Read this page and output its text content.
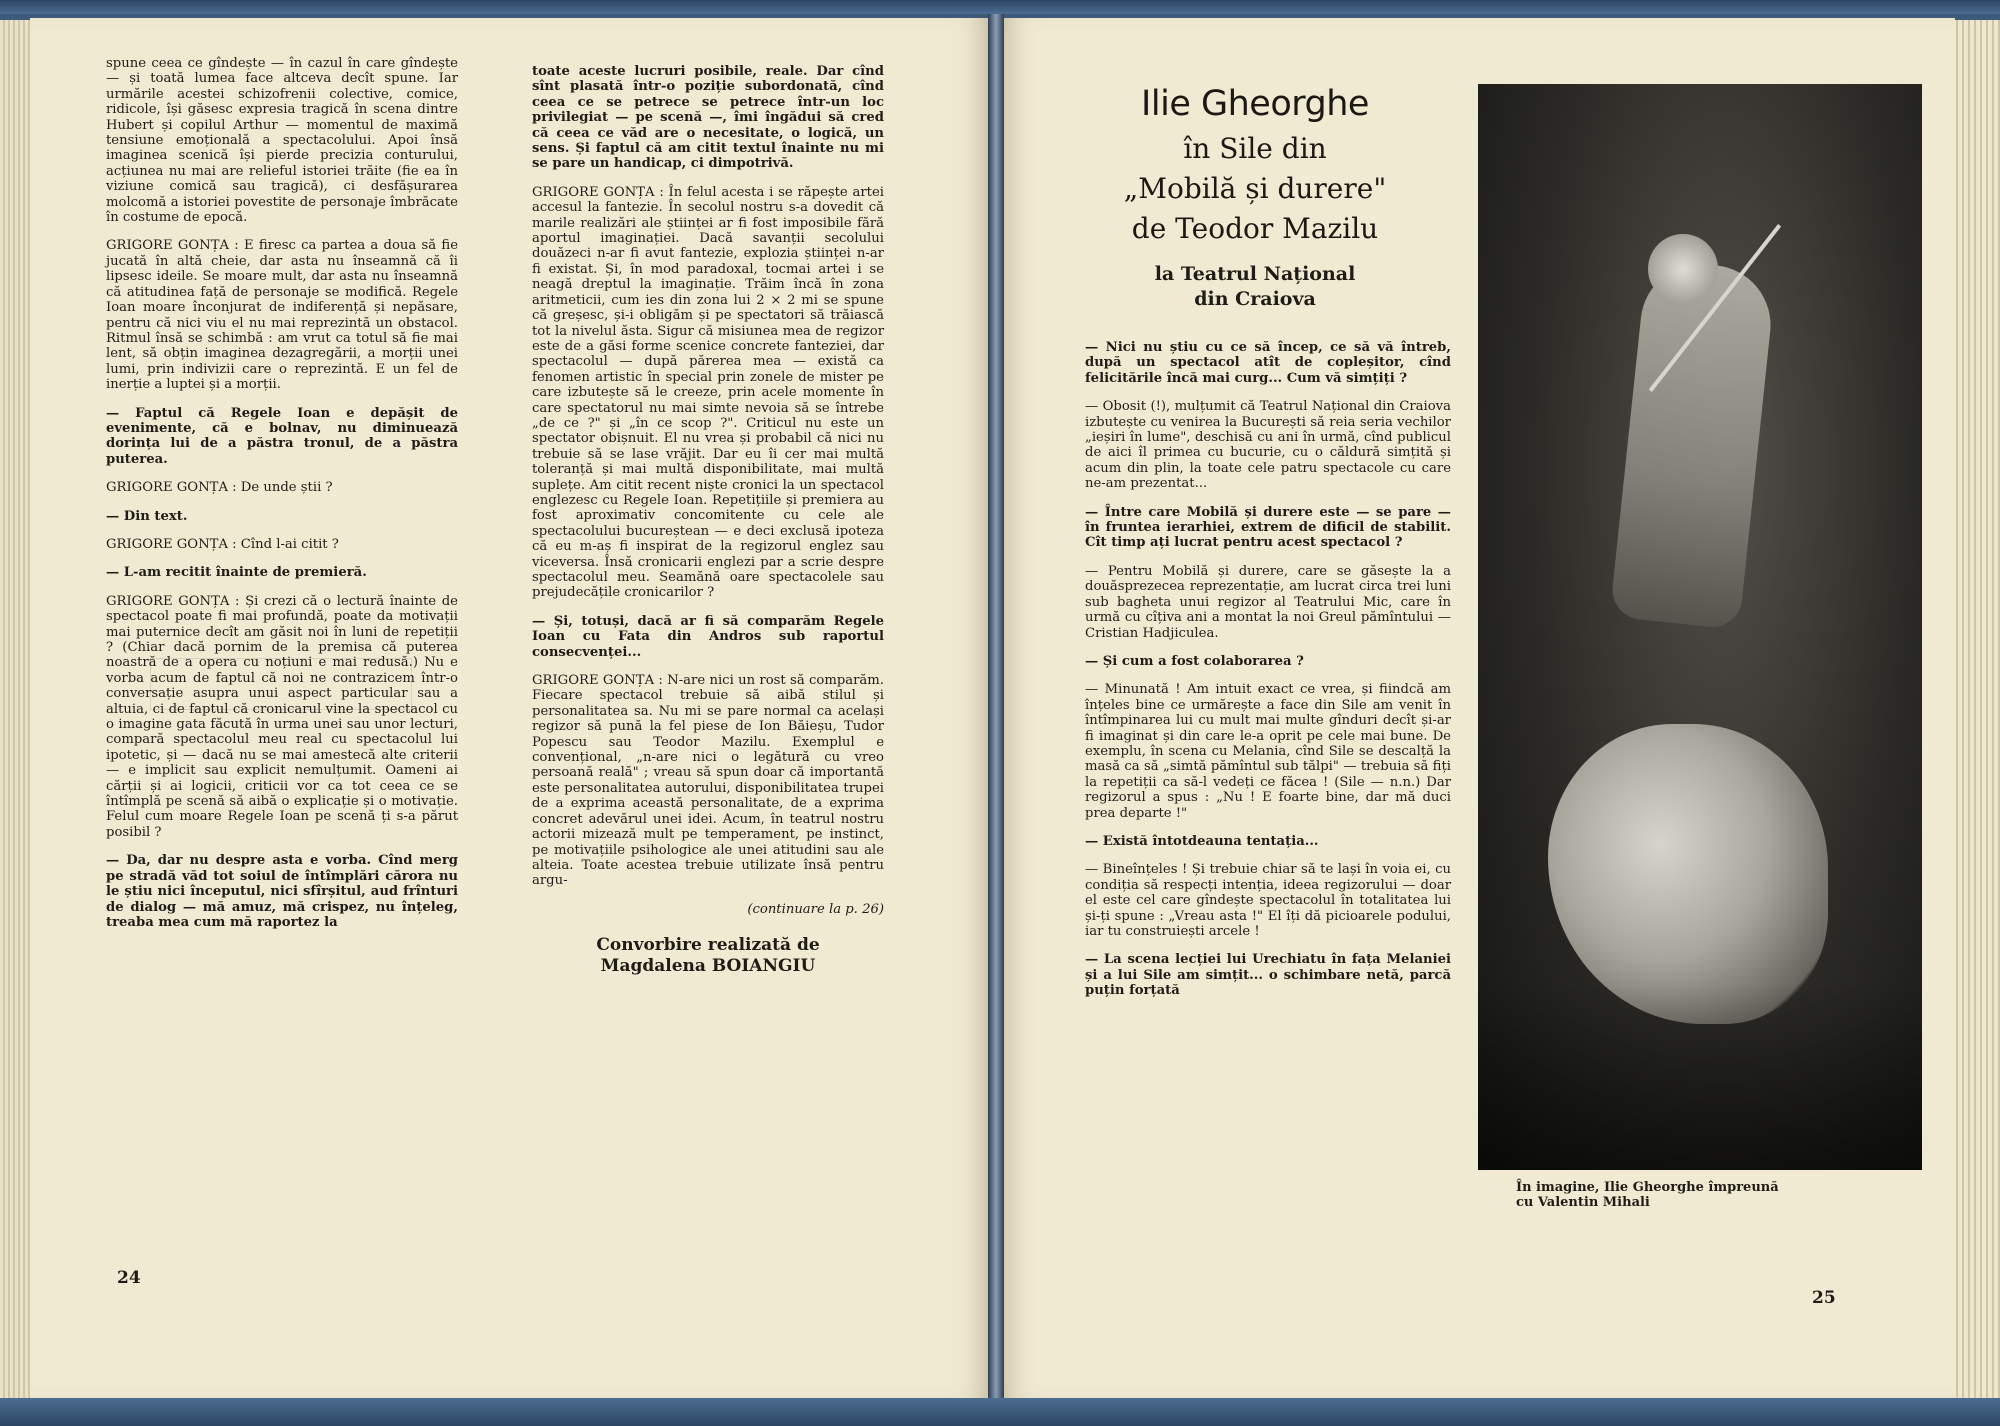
spune ceea ce gîndește — în cazul în care gîndește — și toată lumea face altceva decît spune. Iar urmările acestei schizofrenii colective, comice, ridicole, își găsesc expresia tragică în scena dintre Hubert și copilul Arthur — momentul de maximă tensiune emoțională a spectacolului. Apoi însă imaginea scenică își pierde precizia conturului, acțiunea nu mai are relieful istoriei trăite (fie ea în viziune comică sau tragică), ci desfășurarea molcomă a istoriei povestite de personaje îmbrăcate în costume de epocă.

GRIGORE GONȚA : E firesc ca partea a doua să fie jucată în altă cheie, dar asta nu înseamnă că îi lipsesc ideile. Se moare mult, dar asta nu înseamnă că atitudinea față de personaje se modifică. Regele Ioan moare înconjurat de indiferență și nepăsare, pentru că nici viu el nu mai reprezintă un obstacol. Ritmul însă se schimbă : am vrut ca totul să fie mai lent, să obțin imaginea dezagregării, a morții unei lumi, prin indivizii care o reprezintă. E un fel de inerție a luptei și a morții.

— Faptul că Regele Ioan e depășit de evenimente, că e bolnav, nu diminuează dorința lui de a păstra tronul, de a păstra puterea.

GRIGORE GONȚA : De unde știi ?

— Din text.

GRIGORE GONȚA : Cînd l-ai citit ?

— L-am recitit înainte de premieră.

GRIGORE GONȚA : Și crezi că o lectură înainte de spectacol poate fi mai profundă, poate da motivații mai puternice decît am găsit noi în luni de repetiții ? (Chiar dacă pornim de la premisa că puterea noastră de a opera cu noțiuni e mai redusă.) Nu e vorba acum de faptul că noi ne contrazicem într-o conversație asupra unui aspect particular sau a altuia, ci de faptul că cronicarul vine la spectacol cu o imagine gata făcută în urma unei sau unor lecturi, compară spectacolul meu real cu spectacolul lui ipotetic, și — dacă nu se mai amestecă alte criterii — e implicit sau explicit nemulțumit. Oameni ai cărții și ai logicii, criticii vor ca tot ceea ce se întîmplă pe scenă să aibă o explicație și o motivație. Felul cum moare Regele Ioan pe scenă ți s-a părut posibil ?

— Da, dar nu despre asta e vorba. Cînd merg pe stradă văd tot soiul de întîmplări cărora nu le știu nici începutul, nici sfîrșitul, aud frînturi de dialog — mă amuz, mă crispez, nu înțeleg, treaba mea cum mă raportez la

toate aceste lucruri posibile, reale. Dar cînd sînt plasată într-o poziție subordonată, cînd ceea ce se petrece se petrece într-un loc privilegiat — pe scenă —, îmi îngădui să cred că ceea ce văd are o necesitate, o logică, un sens. Și faptul că am citit textul înainte nu mi se pare un handicap, ci dimpotrivă.

GRIGORE GONȚA : În felul acesta i se răpește artei accesul la fantezie. În secolul nostru s-a dovedit că marile realizări ale științei ar fi fost imposibile fără aportul imaginației. Dacă savanții secolului douăzeci n-ar fi avut fantezie, explozia științei n-ar fi existat. Și, în mod paradoxal, tocmai artei i se neagă dreptul la imaginație. Trăim încă în zona aritmeticii, cum ies din zona lui 2 × 2 mi se spune că greșesc, și-i obligăm și pe spectatori să trăiască tot la nivelul ăsta. Sigur că misiunea mea de regizor este de a găsi forme scenice concrete fanteziei, dar spectacolul — după părerea mea — există ca fenomen artistic în special prin zonele de mister pe care izbutește să le creeze, prin acele momente în care spectatorul nu mai simte nevoia să se întrebe „de ce ?" și „în ce scop ?". Criticul nu este un spectator obișnuit. El nu vrea și probabil că nici nu trebuie să se lase vrăjit. Dar eu îi cer mai multă toleranță și mai multă disponibilitate, mai multă suplețe. Am citit recent niște cronici la un spectacol englezesc cu Regele Ioan. Repetițiile și premiera au fost aproximativ concomitente cu cele ale spectacolului bucureștean — e deci exclusă ipoteza că eu m-aș fi inspirat de la regizorul englez sau viceversa. Însă cronicarii englezi par a scrie despre spectacolul meu. Seamănă oare spectacolele sau prejudecățile cronicarilor ?

— Și, totuși, dacă ar fi să comparăm Regele Ioan cu Fata din Andros sub raportul consecvenței...

GRIGORE GONȚA : N-are nici un rost să comparăm. Fiecare spectacol trebuie să aibă stilul și personalitatea sa. Nu mi se pare normal ca același regizor să pună la fel piese de Ion Băieșu, Tudor Popescu sau Teodor Mazilu. Exemplul e convențional, „n-are nici o legătură cu vreo persoană reală" ; vreau să spun doar că importantă este personalitatea autorului, disponibilitatea trupei de a exprima această personalitate, de a exprima concret adevărul unei idei. Acum, în teatrul nostru actorii mizează mult pe temperament, pe instinct, pe motivațiile psihologice ale unei atitudini sau ale alteia. Toate acestea trebuie utilizate însă pentru argu-

(continuare la p. 26)

Convorbire realizată de
Magdalena BOIANGIU
24
Ilie Gheorghe
în Sile din
„Mobilă și durere"
de Teodor Mazilu
la Teatrul Național
din Craiova

— Nici nu știu cu ce să încep, ce să vă întreb, după un spectacol atît de copleșitor, cînd felicitările încă mai curg... Cum vă simțiți ?

— Obosit (!), mulțumit că Teatrul Național din Craiova izbutește cu venirea la București să reia seria vechilor „ieșiri în lume", deschisă cu ani în urmă, cînd publicul de aici îl primea cu bucurie, cu o căldură simțită și acum din plin, la toate cele patru spectacole cu care ne-am prezentat...

— Între care Mobilă și durere este — se pare — în fruntea ierarhiei, extrem de dificil de stabilit. Cît timp ați lucrat pentru acest spectacol ?

— Pentru Mobilă și durere, care se găsește la a douăsprezecea reprezentație, am lucrat circa trei luni sub bagheta unui regizor al Teatrului Mic, care în urmă cu cîțiva ani a montat la noi Greul pămîntului — Cristian Hadjiculea.

— Și cum a fost colaborarea ?

— Minunată ! Am intuit exact ce vrea, și fiindcă am înțeles bine ce urmărește a face din Sile am venit în întîmpinarea lui cu mult mai multe gînduri decît și-ar fi imaginat și din care le-a oprit pe cele mai bune. De exemplu, în scena cu Melania, cînd Sile se descalță la masă ca să „simtă pămîntul sub tălpi" — trebuia să fiți la repetiții ca să-l vedeți ce făcea ! (Sile — n.n.) Dar regizorul a spus : „Nu ! E foarte bine, dar mă duci prea departe !"

— Există întotdeauna tentația...

— Bineînțeles ! Și trebuie chiar să te lași în voia ei, cu condiția să respecți intenția, ideea regizorului — doar el este cel care gîndește spectacolul în totalitatea lui și-ți spune : „Vreau asta !" El îți dă picioarele podului, iar tu construiești arcele !

— La scena lecției lui Urechiatu în fața Melaniei și a lui Sile am simțit... o schimbare netă, parcă puțin forțată

În imagine, Ilie Gheorghe împreună
cu Valentin Mihali
25
